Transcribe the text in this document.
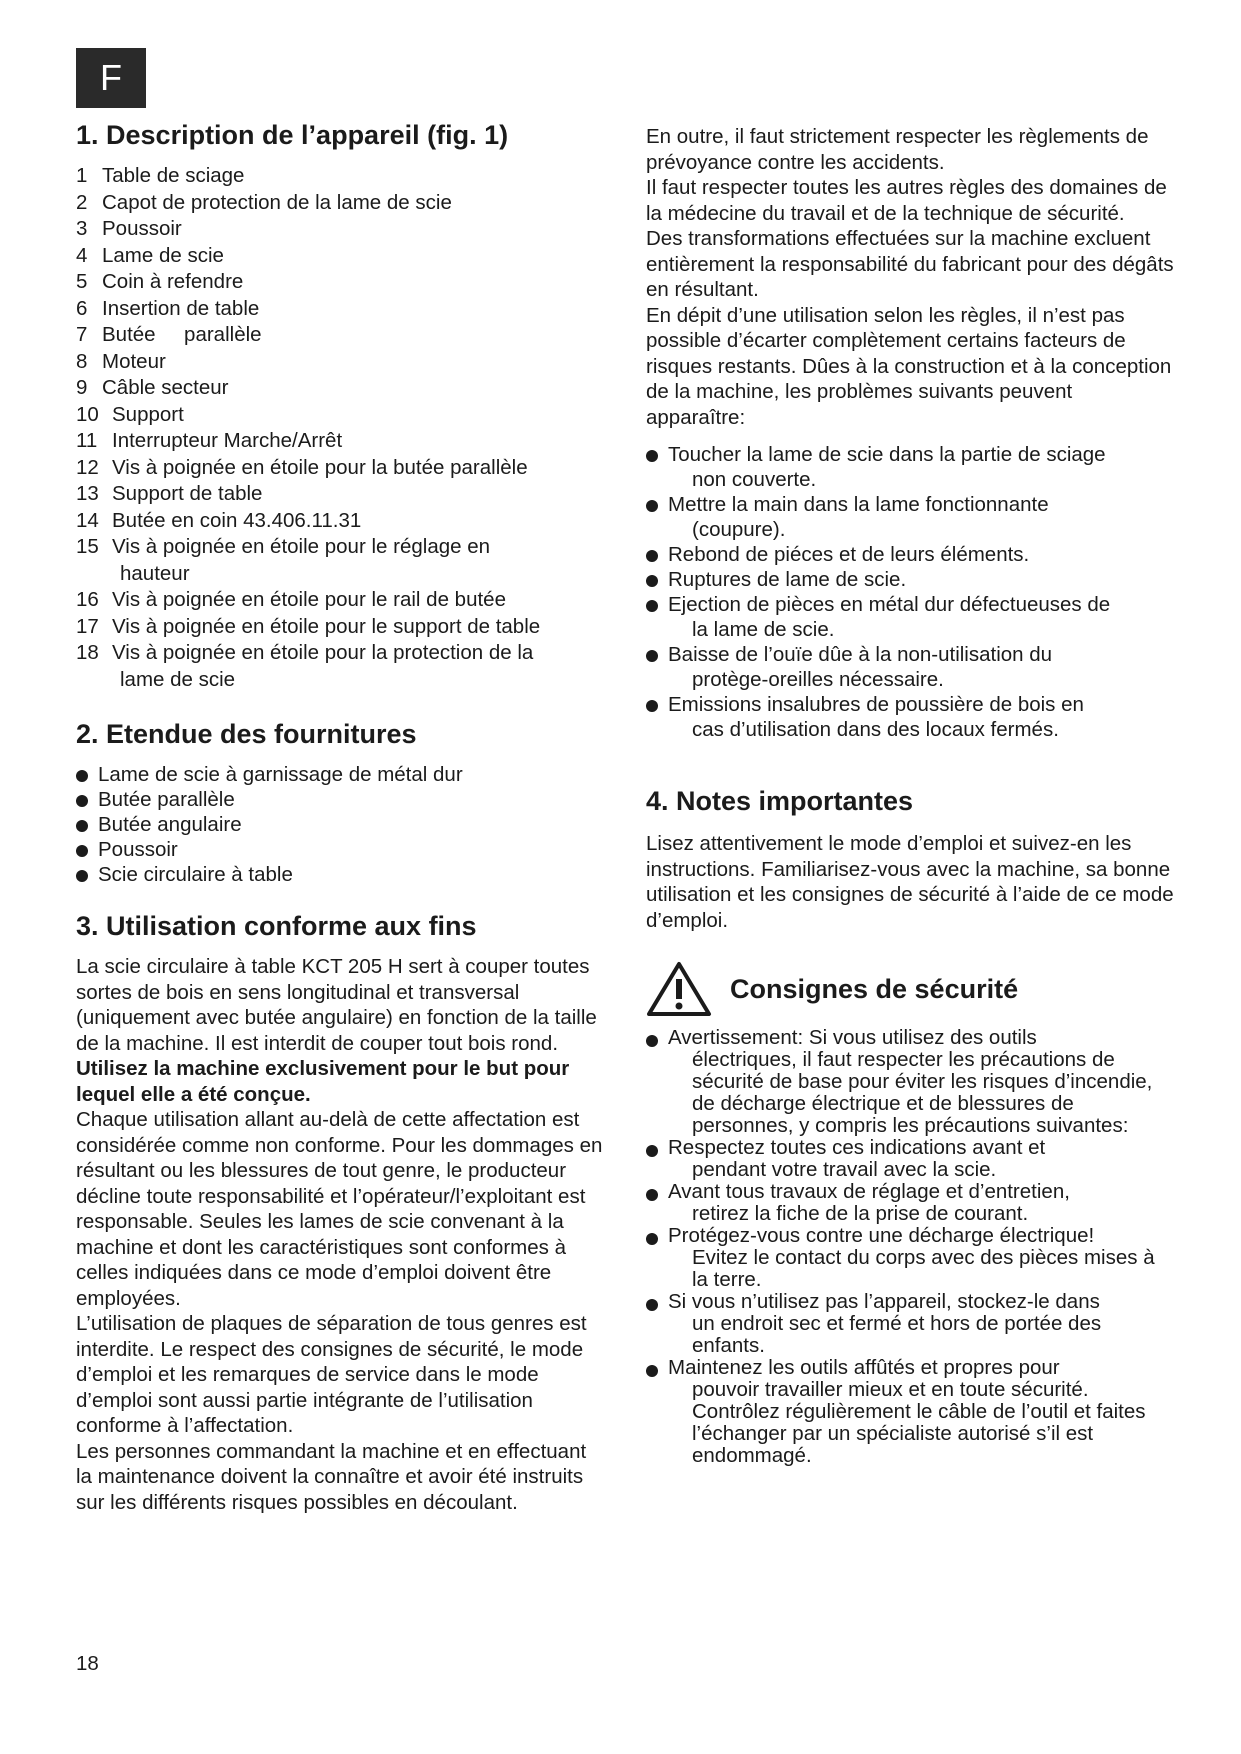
F
1. Description de l’appareil (fig. 1)
1 Table de sciage
2 Capot de protection de la lame de scie
3 Poussoir
4 Lame de scie
5 Coin à refendre
6 Insertion de table
7 Butée     parallèle
8 Moteur
9 Câble secteur
10 Support
11 Interrupteur Marche/Arrêt
12 Vis à poignée en étoile pour la butée parallèle
13 Support de table
14 Butée en coin 43.406.11.31
15 Vis à poignée en étoile pour le réglage en
hauteur
16 Vis à poignée en étoile pour le rail de butée
17 Vis à poignée en étoile pour le support de table
18 Vis à poignée en étoile pour la protection de la
lame de scie
2. Etendue des fournitures
Lame de scie à garnissage de métal dur
Butée parallèle
Butée angulaire
Poussoir
Scie circulaire à table
3. Utilisation conforme aux fins

La scie circulaire à table KCT 205 H sert à couper toutes sortes de bois en sens longitudinal et transversal (uniquement avec butée angulaire) en fonction de la taille de la machine. Il est interdit de couper tout bois rond. Utilisez la machine exclusivement pour le but pour lequel elle a été conçue.

Chaque utilisation allant au-delà de cette affectation est considérée comme non conforme. Pour les dommages en résultant ou les blessures de tout genre, le producteur décline toute responsabilité et l’opérateur/l’exploitant est responsable. Seules les lames de scie convenant à la machine et dont les caractéristiques sont conformes à celles indiquées dans ce mode d’emploi doivent être employées.

L’utilisation de plaques de séparation de tous genres est interdite. Le respect des consignes de sécurité, le mode d’emploi et les remarques de service dans le mode d’emploi sont aussi partie intégrante de l’utilisation conforme à l’affectation.

Les personnes commandant la machine et en effectuant la maintenance doivent la connaître et avoir été instruits sur les différents risques possibles en découlant.

En outre, il faut strictement respecter les règlements de prévoyance contre les accidents.

Il faut respecter toutes les autres règles des domaines de la médecine du travail et de la technique de sécurité.

Des transformations effectuées sur la machine excluent entièrement la responsabilité du fabricant pour des dégâts en résultant.

En dépit d’une utilisation selon les règles, il n’est pas possible d’écarter complètement certains facteurs de risques restants. Dûes à la construction et à la conception de la machine, les problèmes suivants peuvent apparaître:

Toucher la lame de scie dans la partie de sciage
non couverte.
Mettre la main dans la lame fonctionnante
(coupure).
Rebond de piéces et de leurs éléments.
Ruptures de lame de scie.
Ejection de pièces en métal dur défectueuses de
la lame de scie.
Baisse de l’ouïe dûe à la non-utilisation du
protège-oreilles nécessaire.
Emissions insalubres de poussière de bois en
cas d’utilisation dans des locaux fermés.
4. Notes importantes

Lisez attentivement le mode d’emploi et suivez-en les instructions. Familiarisez-vous avec la machine, sa bonne utilisation et les consignes de sécurité à l’aide de ce mode d’emploi.

Consignes de sécurité
Avertissement: Si vous utilisez des outils
électriques, il faut respecter les précautions de sécurité de base pour éviter les risques d’incendie, de décharge électrique et de blessures de personnes, y compris les précautions suivantes:
Respectez toutes ces indications avant et
pendant votre travail avec la scie.
Avant tous travaux de réglage et d’entretien,
retirez la fiche de la prise de courant.
Protégez-vous contre une décharge électrique!
Evitez le contact du corps avec des pièces mises à la terre.
Si vous n’utilisez pas l’appareil, stockez-le dans
un endroit sec et fermé et hors de portée des enfants.
Maintenez les outils affûtés et propres pour
pouvoir travailler mieux et en toute sécurité. Contrôlez régulièrement le câble de l’outil et faites l’échanger par un spécialiste autorisé s’il est endommagé.
18
